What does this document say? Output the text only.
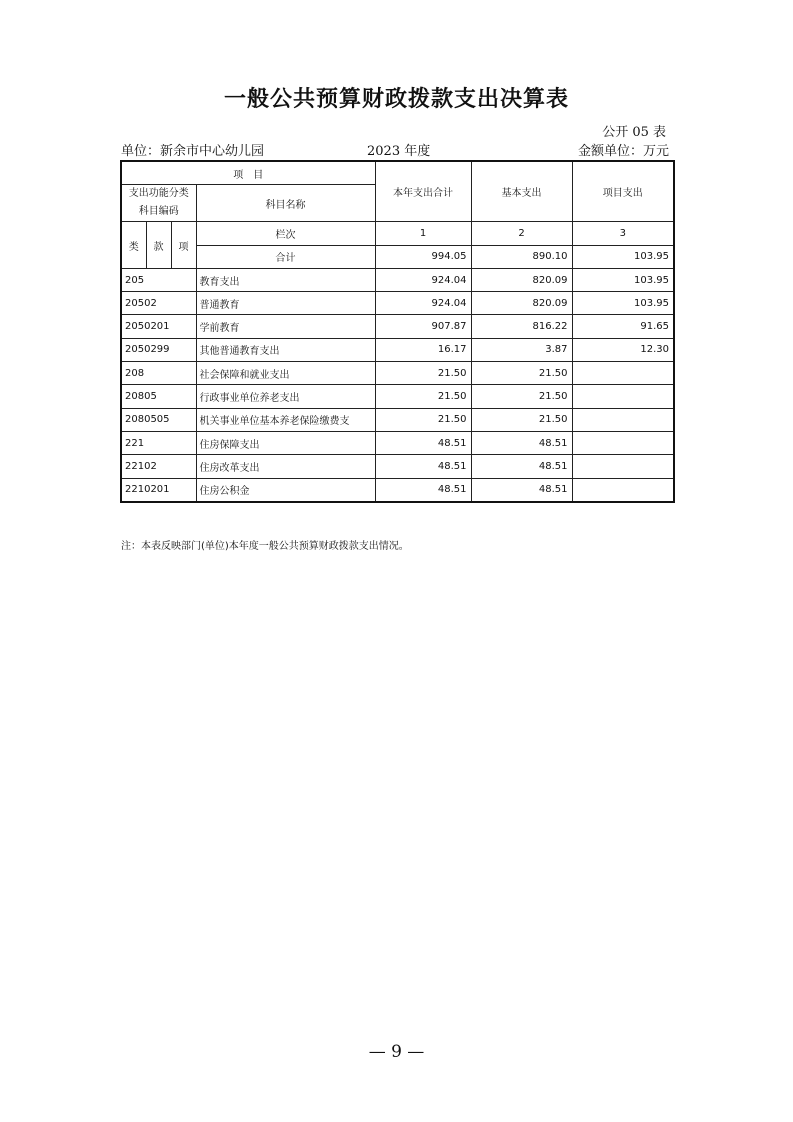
一般公共预算财政拨款支出决算表
公开 05 表
单位：新余市中心幼儿园	2023 年度	金额单位：万元
项　目				本年支出合计	基本支出	项目支出
支出功能分类科目编码			科目名称			

类	款	项	栏次	1	2	3
			合计	994.05	890.10	103.95
205			教育支出	924.04	820.09	103.95
20502			普通教育	924.04	820.09	103.95
2050201			学前教育	907.87	816.22	91.65
2050299			其他普通教育支出	16.17	3.87	12.30
208			社会保障和就业支出	21.50	21.50	
20805			行政事业单位养老支出	21.50	21.50	
2080505			机关事业单位基本养老保险缴费支	21.50	21.50	
221			住房保障支出	48.51	48.51	
22102			住房改革支出	48.51	48.51	
2210201			住房公积金	48.51	48.51	
注：本表反映部门(单位)本年度一般公共预算财政拨款支出情况。
— 9 —
